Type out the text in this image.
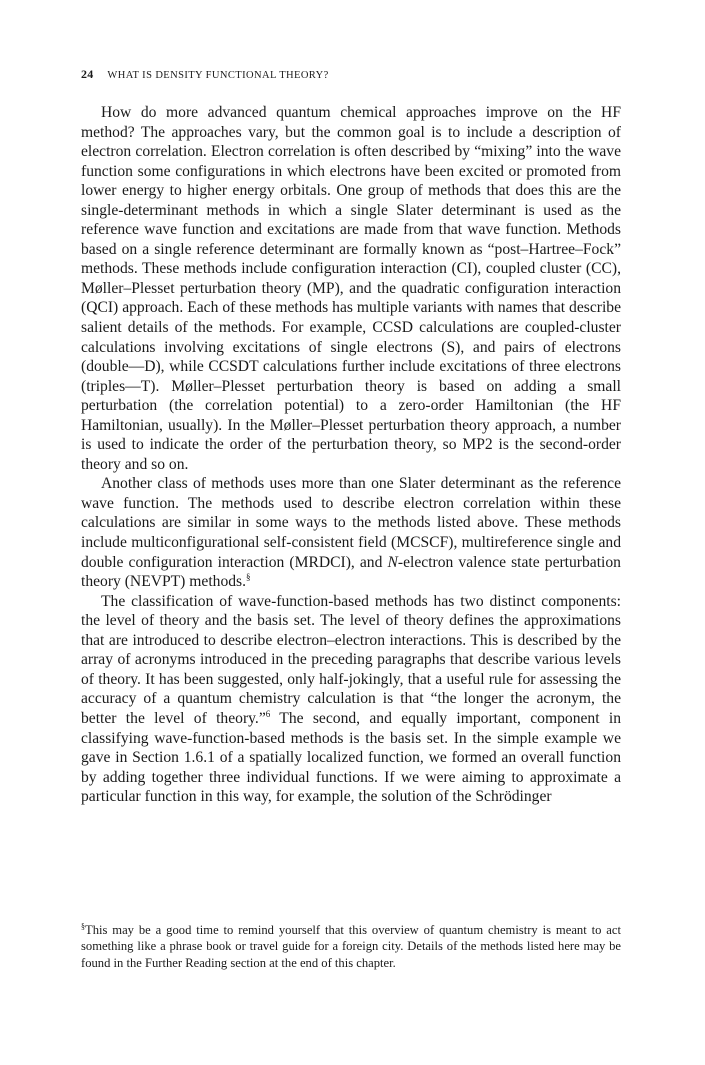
24 WHAT IS DENSITY FUNCTIONAL THEORY?

How do more advanced quantum chemical approaches improve on the HF method? The approaches vary, but the common goal is to include a description of electron correlation. Electron correlation is often described by “mixing” into the wave function some configurations in which electrons have been excited or promoted from lower energy to higher energy orbitals. One group of methods that does this are the single-determinant methods in which a single Slater determinant is used as the reference wave function and excitations are made from that wave function. Methods based on a single reference determinant are formally known as “post–Hartree–Fock” methods. These methods include configuration interaction (CI), coupled cluster (CC), Møller–Plesset perturbation theory (MP), and the quadratic configuration interaction (QCI) approach. Each of these methods has multiple variants with names that describe salient details of the methods. For example, CCSD calculations are coupled-cluster calculations involving excitations of single electrons (S), and pairs of electrons (double—D), while CCSDT calculations further include excitations of three electrons (triples—T). Møller–Plesset perturbation theory is based on adding a small perturbation (the correlation potential) to a zero-order Hamiltonian (the HF Hamiltonian, usually). In the Møller–Plesset perturbation theory approach, a number is used to indicate the order of the perturbation theory, so MP2 is the second-order theory and so on.

Another class of methods uses more than one Slater determinant as the reference wave function. The methods used to describe electron correlation within these calculations are similar in some ways to the methods listed above. These methods include multiconfigurational self-consistent field (MCSCF), multireference single and double configuration interaction (MRDCI), and N-electron valence state perturbation theory (NEVPT) methods.§

The classification of wave-function-based methods has two distinct components: the level of theory and the basis set. The level of theory defines the approximations that are introduced to describe electron–electron interactions. This is described by the array of acronyms introduced in the preceding paragraphs that describe various levels of theory. It has been suggested, only half-jokingly, that a useful rule for assessing the accuracy of a quantum chemistry calculation is that “the longer the acronym, the better the level of theory.”$^6$ The second, and equally important, component in classifying wave-function-based methods is the basis set. In the simple example we gave in Section 1.6.1 of a spatially localized function, we formed an overall function by adding together three individual functions. If we were aiming to approximate a particular function in this way, for example, the solution of the Schrödinger

§This may be a good time to remind yourself that this overview of quantum chemistry is meant to act something like a phrase book or travel guide for a foreign city. Details of the methods listed here may be found in the Further Reading section at the end of this chapter.
